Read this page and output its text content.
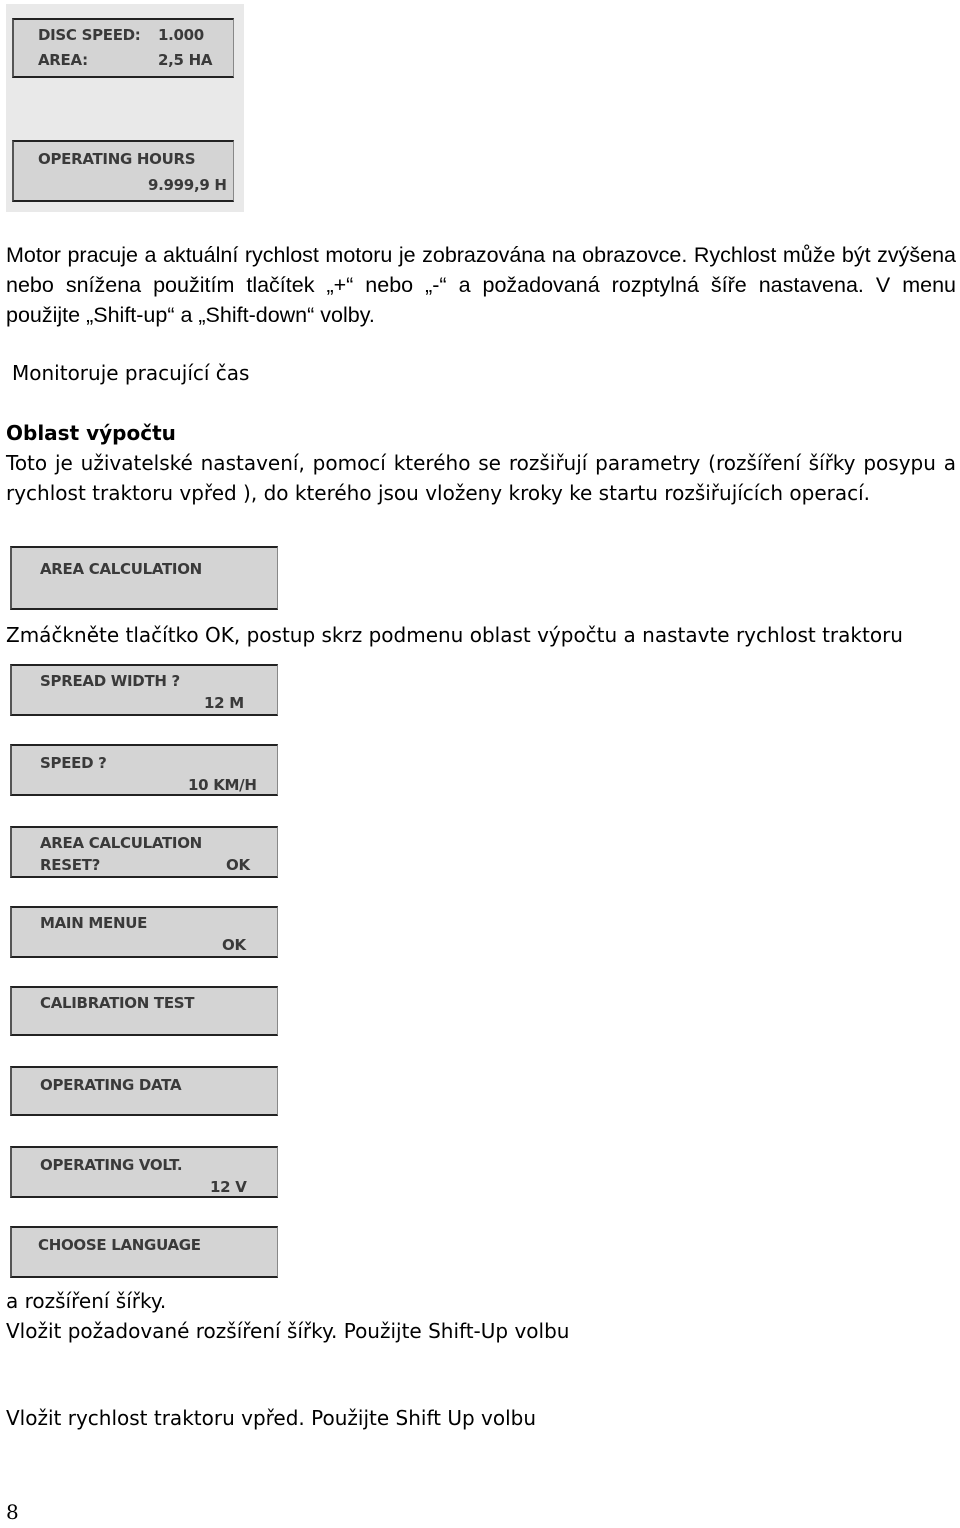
DISC SPEED: 1.000
AREA:	2,5 HA
OPERATING HOURS
9.999,9 H
Motor pracuje a aktuální rychlost motoru je zobrazována na obrazovce. Rychlost může být zvýšena nebo snížena použitím tlačítek „+“ nebo „-“ a požadovaná rozptylná šíře nastavena. V menu použijte „Shift-up“ a „Shift-down“ volby.
Monitoruje pracující čas
Oblast výpočtu
Toto je uživatelské nastavení, pomocí kterého se rozšiřují parametry (rozšíření šířky posypu a rychlost traktoru vpřed ), do kterého jsou vloženy kroky ke startu rozšiřujících operací.
AREA CALCULATION
Zmáčkněte tlačítko OK, postup skrz podmenu oblast výpočtu a nastavte rychlost traktoru
SPREAD WIDTH ?
12 M
SPEED ?
10 KM/H
AREA CALCULATION
RESET?	OK
MAIN MENUE
OK
CALIBRATION TEST
OPERATING DATA
OPERATING VOLT.
12 V
CHOOSE LANGUAGE
a rozšíření šířky.
Vložit požadované rozšíření šířky. Použijte Shift-Up volbu
Vložit rychlost traktoru vpřed. Použijte Shift Up volbu
8
